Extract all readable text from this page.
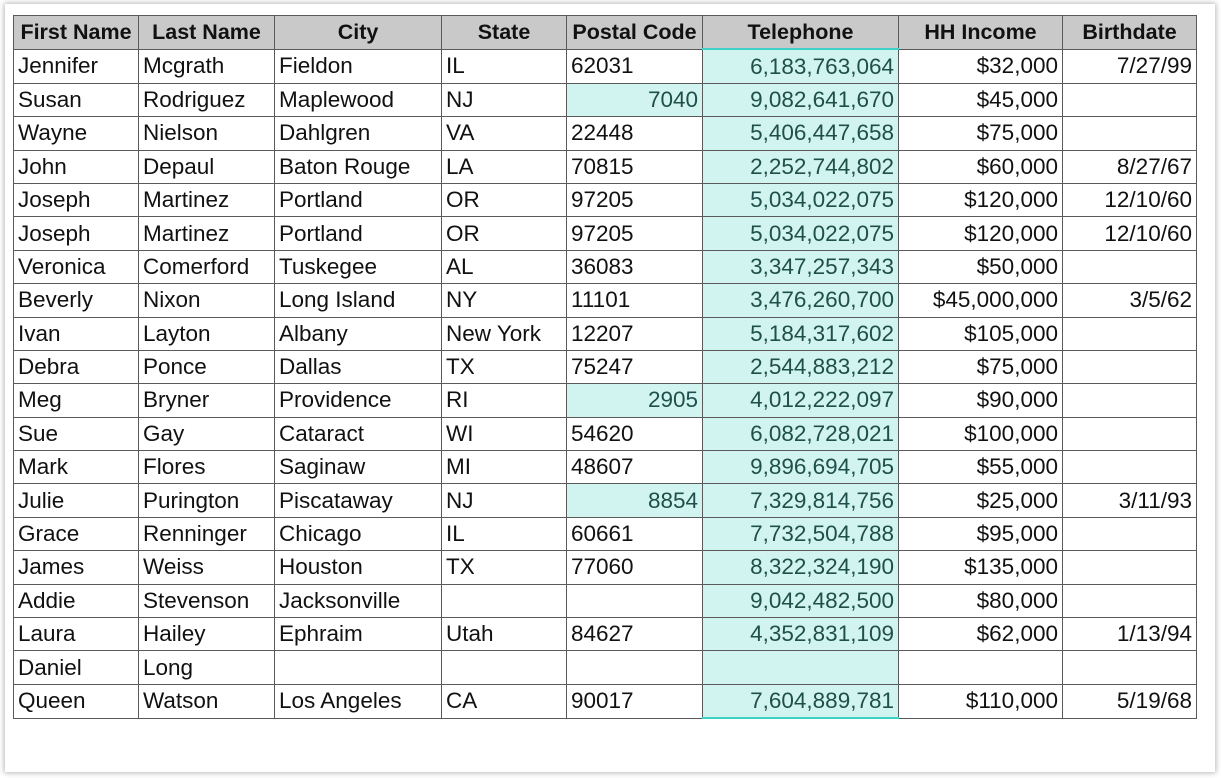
First Name	Last Name	City	State	Postal Code	Telephone	HH Income	Birthdate
Jennifer	Mcgrath	Fieldon	IL	62031	6,183,763,064	$32,000	7/27/99
Susan	Rodriguez	Maplewood	NJ	7040	9,082,641,670	$45,000	
Wayne	Nielson	Dahlgren	VA	22448	5,406,447,658	$75,000	
John	Depaul	Baton Rouge	LA	70815	2,252,744,802	$60,000	8/27/67
Joseph	Martinez	Portland	OR	97205	5,034,022,075	$120,000	12/10/60
Joseph	Martinez	Portland	OR	97205	5,034,022,075	$120,000	12/10/60
Veronica	Comerford	Tuskegee	AL	36083	3,347,257,343	$50,000	
Beverly	Nixon	Long Island	NY	11101	3,476,260,700	$45,000,000	3/5/62
Ivan	Layton	Albany	New York	12207	5,184,317,602	$105,000	
Debra	Ponce	Dallas	TX	75247	2,544,883,212	$75,000	
Meg	Bryner	Providence	RI	2905	4,012,222,097	$90,000	
Sue	Gay	Cataract	WI	54620	6,082,728,021	$100,000	
Mark	Flores	Saginaw	MI	48607	9,896,694,705	$55,000	
Julie	Purington	Piscataway	NJ	8854	7,329,814,756	$25,000	3/11/93
Grace	Renninger	Chicago	IL	60661	7,732,504,788	$95,000	
James	Weiss	Houston	TX	77060	8,322,324,190	$135,000	
Addie	Stevenson	Jacksonville			9,042,482,500	$80,000	
Laura	Hailey	Ephraim	Utah	84627	4,352,831,109	$62,000	1/13/94
Daniel	Long						
Queen	Watson	Los Angeles	CA	90017	7,604,889,781	$110,000	5/19/68
